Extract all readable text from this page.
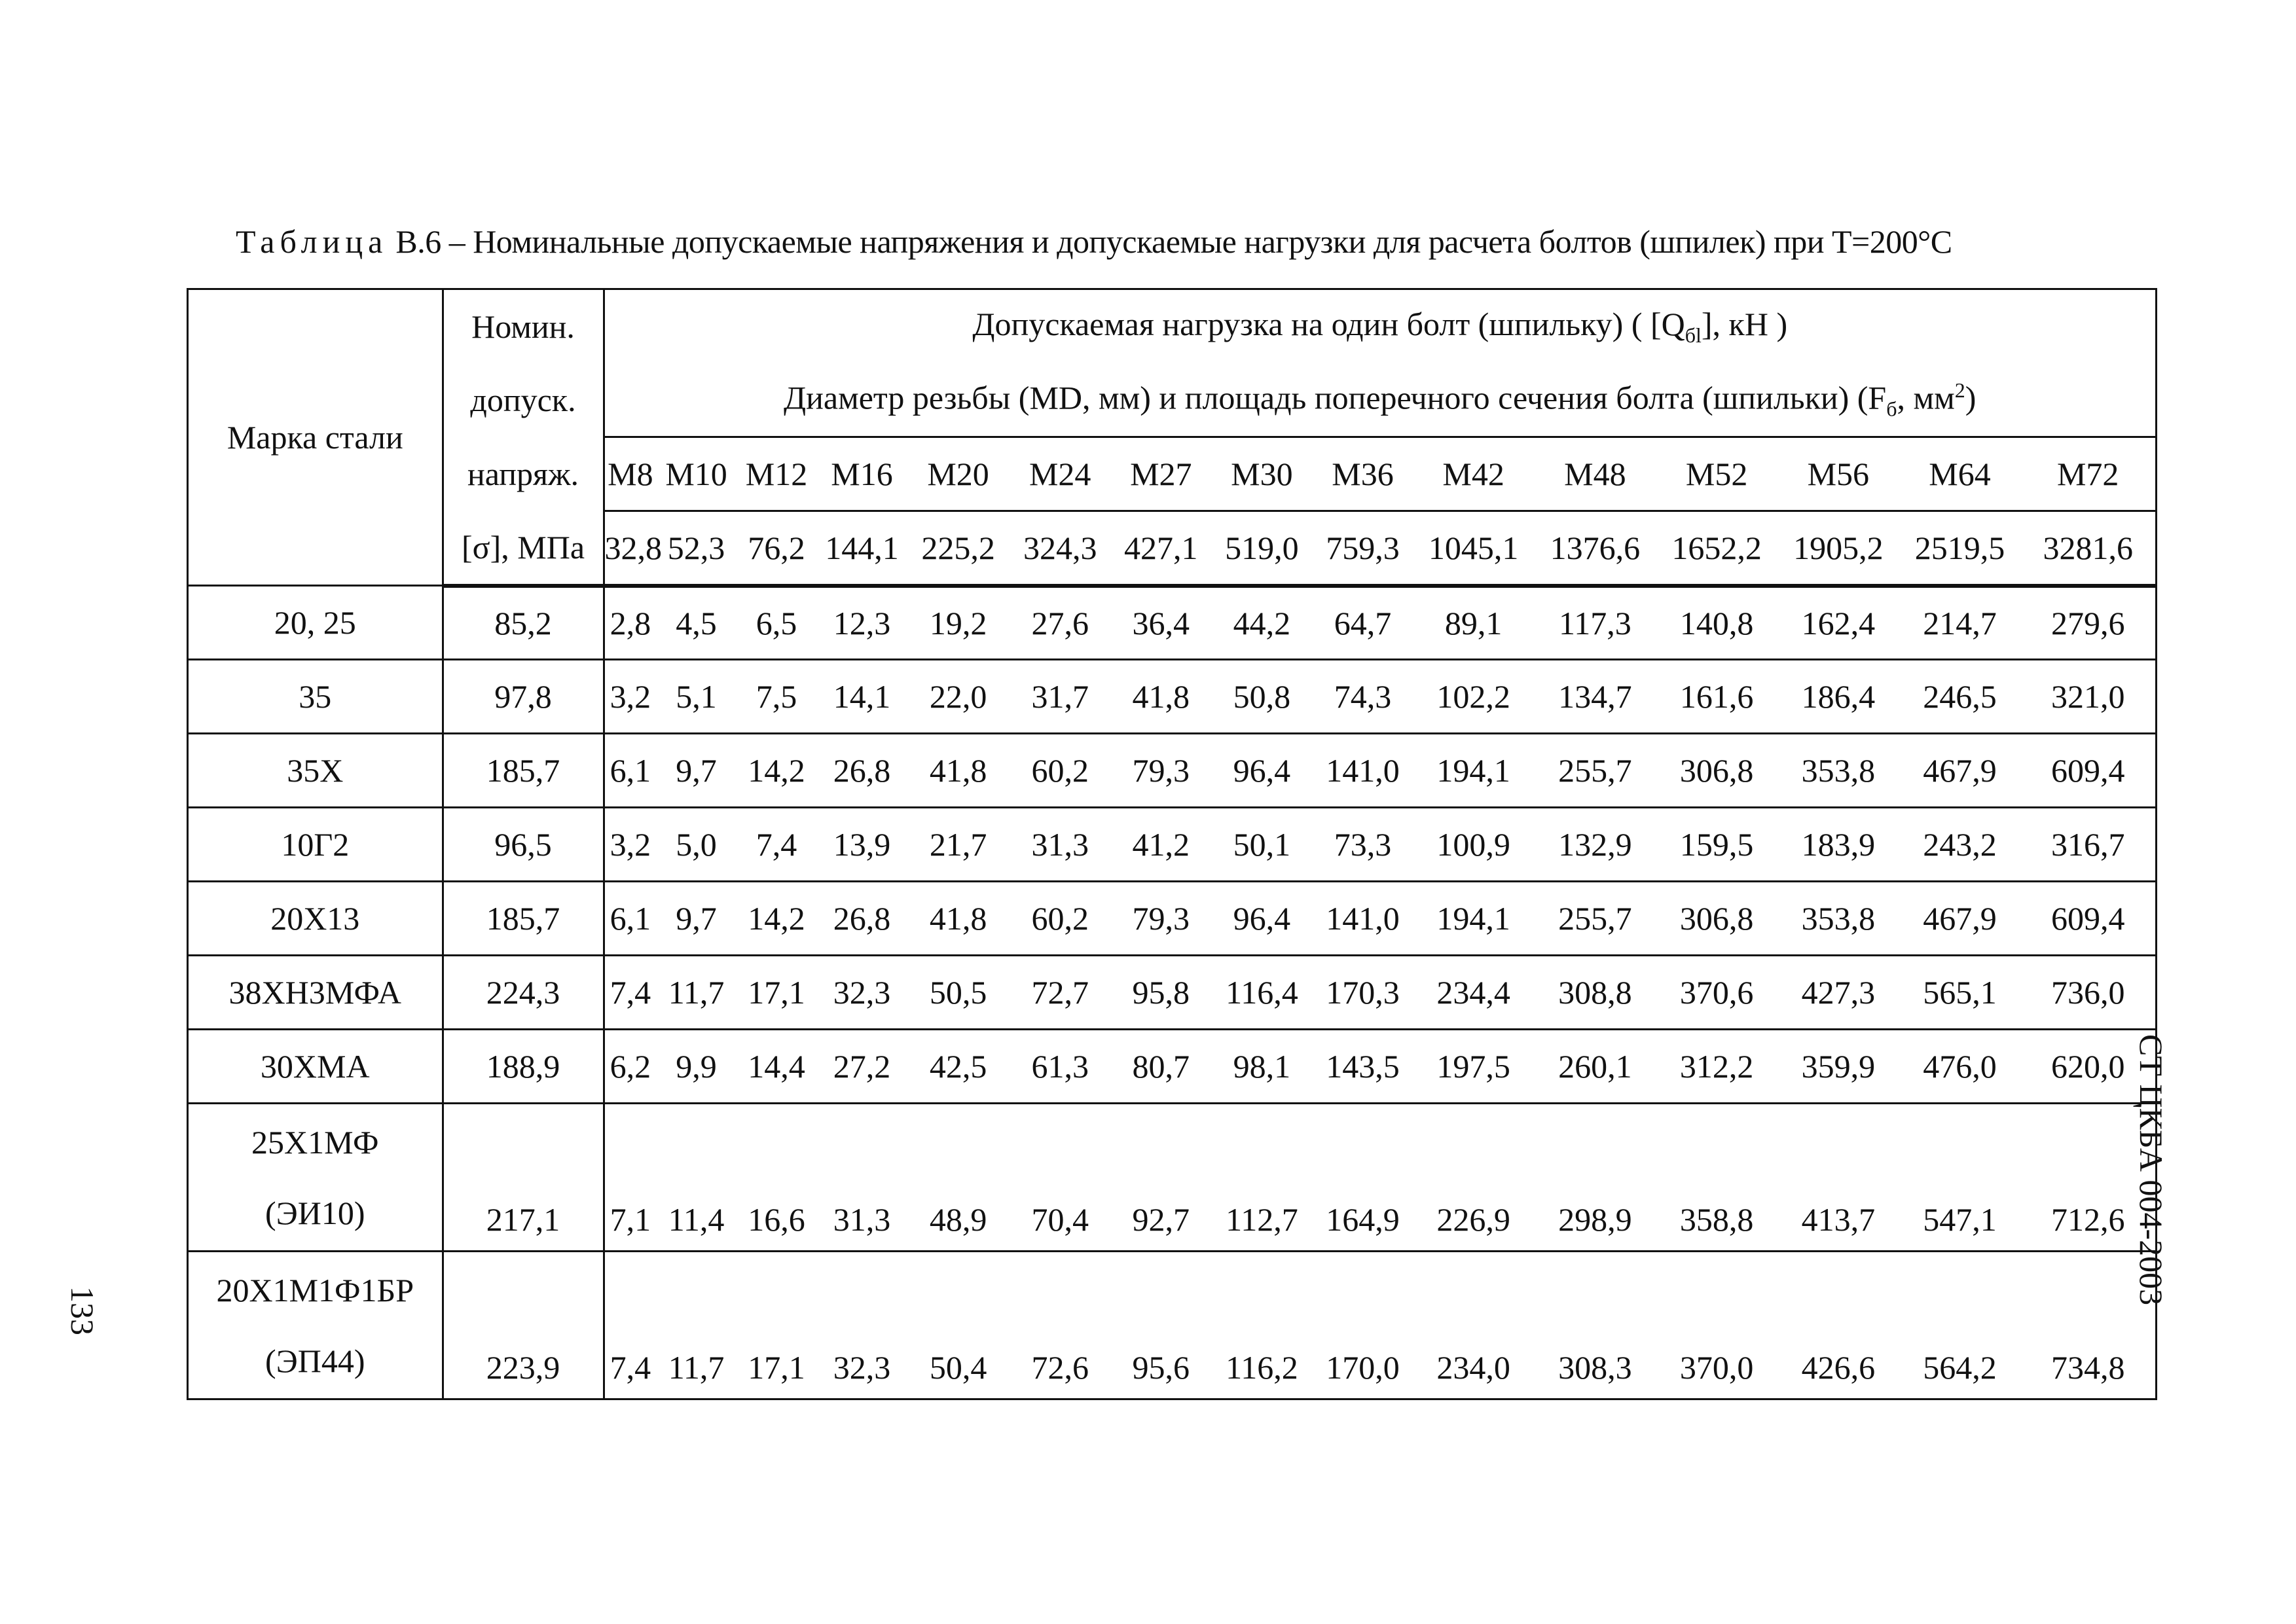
Таблица В.6 – Номинальные допускаемые напряжения и допускаемые нагрузки для расчета болтов (шпилек) при Т=200°С
Марка стали	Номин.	Допускаемая нагрузка на один болт (шпильку) ( $[Q_{бl}]$, кН )														
	допуск.	Диаметр резьбы (MD, мм) и площадь поперечного сечения болта (шпильки) ($F_б$, $мм^2$)														
	напряж.	M8	M10	M12	M16	M20	M24	M27	M30	M36	M42	M48	M52	M56	M64	M72
	[σ], МПа	32,8	52,3	76,2	144,1	225,2	324,3	427,1	519,0	759,3	1045,1	1376,6	1652,2	1905,2	2519,5	3281,6
20, 25	85,2	2,8	4,5	6,5	12,3	19,2	27,6	36,4	44,2	64,7	89,1	117,3	140,8	162,4	214,7	279,6
35	97,8	3,2	5,1	7,5	14,1	22,0	31,7	41,8	50,8	74,3	102,2	134,7	161,6	186,4	246,5	321,0
35Х	185,7	6,1	9,7	14,2	26,8	41,8	60,2	79,3	96,4	141,0	194,1	255,7	306,8	353,8	467,9	609,4
10Г2	96,5	3,2	5,0	7,4	13,9	21,7	31,3	41,2	50,1	73,3	100,9	132,9	159,5	183,9	243,2	316,7
20Х13	185,7	6,1	9,7	14,2	26,8	41,8	60,2	79,3	96,4	141,0	194,1	255,7	306,8	353,8	467,9	609,4
38ХН3МФА	224,3	7,4	11,7	17,1	32,3	50,5	72,7	95,8	116,4	170,3	234,4	308,8	370,6	427,3	565,1	736,0
30ХМА	188,9	6,2	9,9	14,4	27,2	42,5	61,3	80,7	98,1	143,5	197,5	260,1	312,2	359,9	476,0	620,0

25Х1МФ
(ЭИ10)	217,1	7,1	11,4	16,6	31,3	48,9	70,4	92,7	112,7	164,9	226,9	298,9	358,8	413,7	547,1	712,6

20Х1М1Ф1БР
(ЭП44)	223,9	7,4	11,7	17,1	32,3	50,4	72,6	95,6	116,2	170,0	234,0	308,3	370,0	426,6	564,2	734,8
СТ ЦКБА 004-2003
133
